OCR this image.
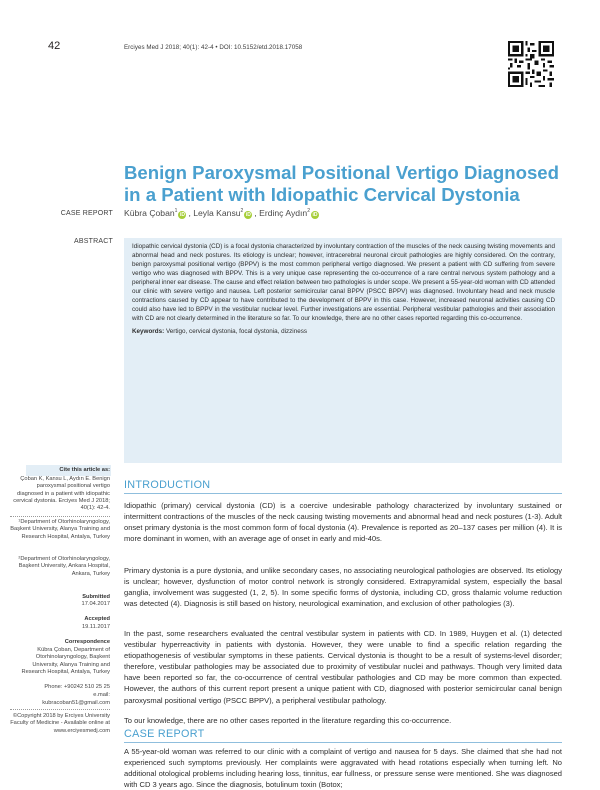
42	Erciyes Med J 2018; 40(1): 42-4 • DOI: 10.5152/etd.2018.17058
Benign Paroxysmal Positional Vertigo Diagnosed
in a Patient with Idiopathic Cervical Dystonia
CASE REPORT Kübra Çoban$^1$iD , Leyla Kansu$^2$iD , Erdinç Aydın$^2$iD
ABSTRACT

Idiopathic cervical dystonia (CD) is a focal dystonia characterized by involuntary contraction of the muscles of the neck causing twisting movements and abnormal head and neck postures. Its etiology is unclear; however, intracerebral neuronal circuit pathologies are highly considered. On the contrary, benign paroxysmal positional vertigo (BPPV) is the most common peripheral vertigo diagnosed. We present a patient with CD suffering from severe vertigo who was diagnosed with BPPV. This is a very unique case representing the co-occurrence of a rare central nervous system pathology and a peripheral inner ear disease. The cause and effect relation between two pathologies is under scope. We present a 55-year-old woman with CD attended our clinic with severe vertigo and nausea. Left posterior semicircular canal BPPV (PSCC BPPV) was diagnosed. Involuntary head and neck muscle contractions caused by CD appear to have contributed to the development of BPPV in this case. However, increased neuronal activities causing CD could also have led to BPPV in the vestibular nuclear level. Further investigations are essential. Peripheral vestibular pathologies and their association with CD are not clearly determined in the literature so far. To our knowledge, there are no other cases reported regarding this co-occurrence.

Keywords: Vertigo, cervical dystonia, focal dystonia, dizziness

Cite this article as:
Çoban K, Kansu L, Aydın E. Benign paroxysmal positional vertigo diagnosed in a patient with idiopathic cervical dystonia. Erciyes Med J 2018; 40(1): 42-4.
¹Department of Otorhinolaryngology, Başkent University, Alanya Training and Research Hospital, Antalya, Turkey
²Department of Otorhinolaryngology, Başkent University, Ankara Hospital, Ankara, Turkey
Submitted
17.04.2017
Accepted
19.11.2017
Correspondence
Kübra Çoban, Department of Otorhinolaryngology, Başkent University, Alanya Training and Research Hospital, Antalya, Turkey
Phone: +90242 510 25 25
e.mail:
kubracoban51@gmail.com
©Copyright 2018 by Erciyes University Faculty of Medicine - Available online at www.erciyesmedj.com
INTRODUCTION
Idiopathic (primary) cervical dystonia (CD) is a coercive undesirable pathology characterized by involuntary sustained or intermittent contractions of the muscles of the neck causing twisting movements and abnormal head and neck postures (1-3). Adult onset primary dystonia is the most common form of focal dystonia (4). Prevalence is reported as 20–137 cases per million (4). It is more dominant in women, with an average age of onset in early and mid-40s.
Primary dystonia is a pure dystonia, and unlike secondary cases, no associating neurological pathologies are observed. Its etiology is unclear; however, dysfunction of motor control network is strongly considered. Extrapyramidal system, especially the basal ganglia, involvement was suggested (1, 2, 5). In some specific forms of dystonia, including CD, gross thalamic volume reduction was detected (4). Diagnosis is still based on history, neurological examination, and exclusion of other pathologies (3).
In the past, some researchers evaluated the central vestibular system in patients with CD. In 1989, Huygen et al. (1) detected vestibular hyperreactivity in patients with dystonia. However, they were unable to find a specific relation regarding the etiopathogenesis of vestibular symptoms in these patients. Cervical dystonia is thought to be a result of systems-level disorder; therefore, vestibular pathologies may be associated due to proximity of vestibular nuclei and pathways. Though very limited data have been reported so far, the co-occurrence of central vestibular pathologies and CD may be more common than expected. However, the authors of this current report present a unique patient with CD, diagnosed with posterior semicircular canal benign paroxysmal positional vertigo (PSCC BPPV), a peripheral vestibular pathology.
To our knowledge, there are no other cases reported in the literature regarding this co-occurrence.
CASE REPORT
A 55-year-old woman was referred to our clinic with a complaint of vertigo and nausea for 5 days. She claimed that she had not experienced such symptoms previously. Her complaints were aggravated with head rotations especially when turning left. No additional otological problems including hearing loss, tinnitus, ear fullness, or pressure sense were mentioned. She was diagnosed with CD 3 years ago. Since the diagnosis, botulinum toxin (Botox;
